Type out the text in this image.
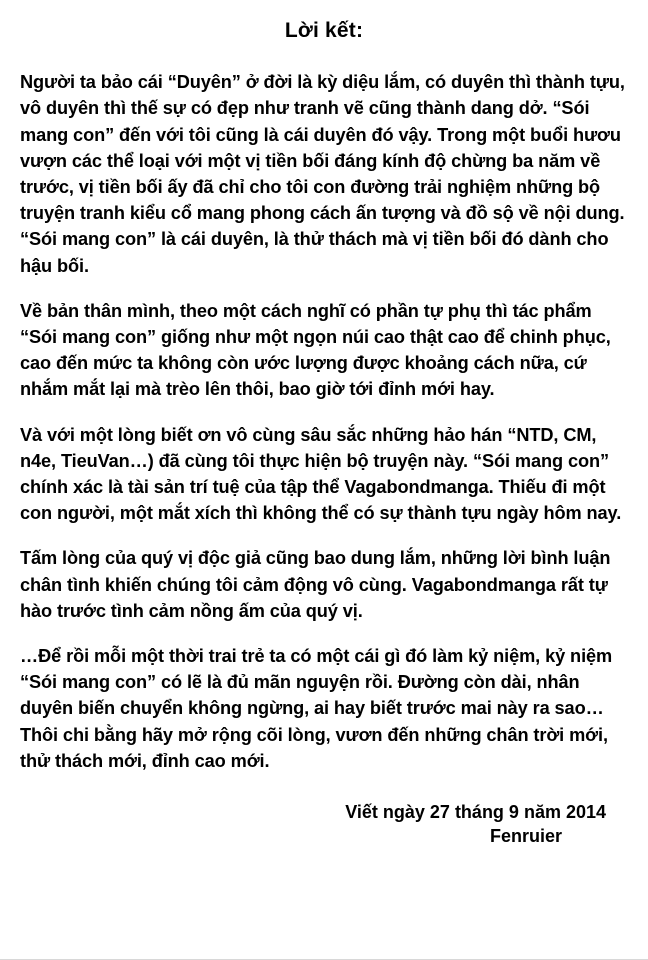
Lời kết:

Người ta bảo cái “Duyên” ở đời là kỳ diệu lắm, có duyên thì thành tựu, vô duyên thì thế sự có đẹp như tranh vẽ cũng thành dang dở. “Sói mang con” đến với tôi cũng là cái duyên đó vậy. Trong một buổi hươu vượn các thể loại với một vị tiền bối đáng kính độ chừng ba năm về trước, vị tiền bối ấy đã chỉ cho tôi con đường trải nghiệm những bộ truyện tranh kiểu cổ mang phong cách ấn tượng và đồ sộ về nội dung. “Sói mang con” là cái duyên, là thử thách mà vị tiền bối đó dành cho hậu bối.

Về bản thân mình, theo một cách nghĩ có phần tự phụ thì tác phẩm “Sói mang con” giống như một ngọn núi cao thật cao để chinh phục, cao đến mức ta không còn ước lượng được khoảng cách nữa, cứ nhắm mắt lại mà trèo lên thôi, bao giờ tới đỉnh mới hay.

Và với một lòng biết ơn vô cùng sâu sắc những hảo hán “NTD, CM, n4e, TieuVan…) đã cùng tôi thực hiện bộ truyện này. “Sói mang con” chính xác là tài sản trí tuệ của tập thể Vagabondmanga. Thiếu đi một con người, một mắt xích thì không thể có sự thành tựu ngày hôm nay.

Tấm lòng của quý vị độc giả cũng bao dung lắm, những lời bình luận chân tình khiến chúng tôi cảm động vô cùng. Vagabondmanga rất tự hào trước tình cảm nồng ấm của quý vị.

…Để rồi mỗi một thời trai trẻ ta có một cái gì đó làm kỷ niệm, kỷ niệm “Sói mang con” có lẽ là đủ mãn nguyện rồi. Đường còn dài, nhân duyên biến chuyển không ngừng, ai hay biết trước mai này ra sao…Thôi chi bằng hãy mở rộng cõi lòng, vươn đến những chân trời mới, thử thách mới, đỉnh cao mới.

Viết ngày 27 tháng 9 năm 2014
Fenruier
